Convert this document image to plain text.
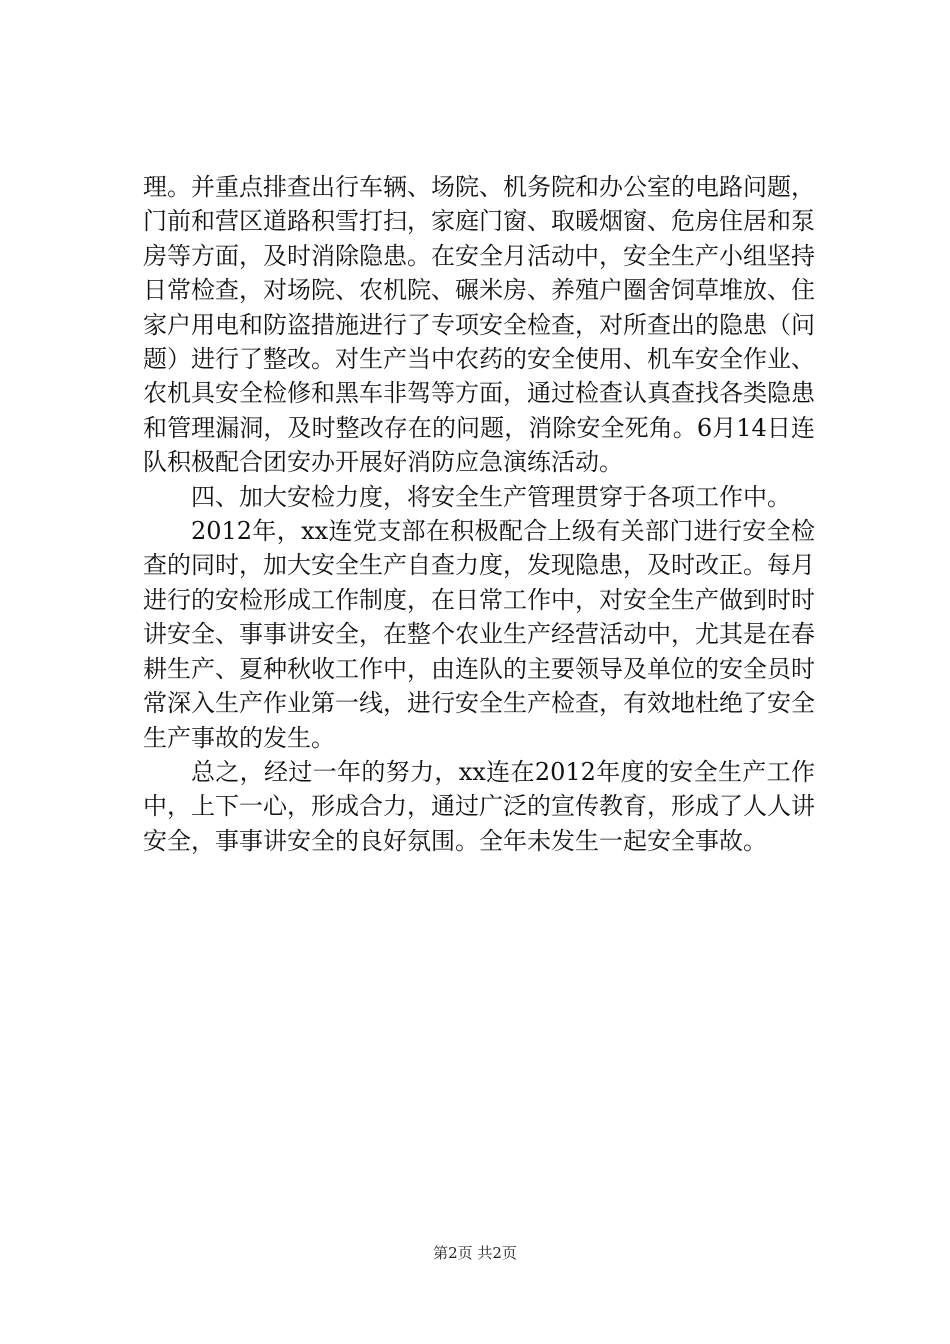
理。并重点排查出行车辆、场院、机务院和办公室的电路问题，门前和营区道路积雪打扫，家庭门窗、取暖烟窗、危房住居和泵房等方面，及时消除隐患。在安全月活动中，安全生产小组坚持日常检查，对场院、农机院、碾米房、养殖户圈舍饲草堆放、住家户用电和防盗措施进行了专项安全检查，对所查出的隐患（问题）进行了整改。对生产当中农药的安全使用、机车安全作业、农机具安全检修和黑车非驾等方面，通过检查认真查找各类隐患和管理漏洞，及时整改存在的问题，消除安全死角。6月14日连队积极配合团安办开展好消防应急演练活动。

四、加大安检力度，将安全生产管理贯穿于各项工作中。

2012年，xx连党支部在积极配合上级有关部门进行安全检查的同时，加大安全生产自查力度，发现隐患，及时改正。每月进行的安检形成工作制度，在日常工作中，对安全生产做到时时讲安全、事事讲安全，在整个农业生产经营活动中，尤其是在春耕生产、夏种秋收工作中，由连队的主要领导及单位的安全员时常深入生产作业第一线，进行安全生产检查，有效地杜绝了安全生产事故的发生。

总之，经过一年的努力，xx连在2012年度的安全生产工作中，上下一心，形成合力，通过广泛的宣传教育，形成了人人讲安全，事事讲安全的良好氛围。全年未发生一起安全事故。

第2页 共2页
